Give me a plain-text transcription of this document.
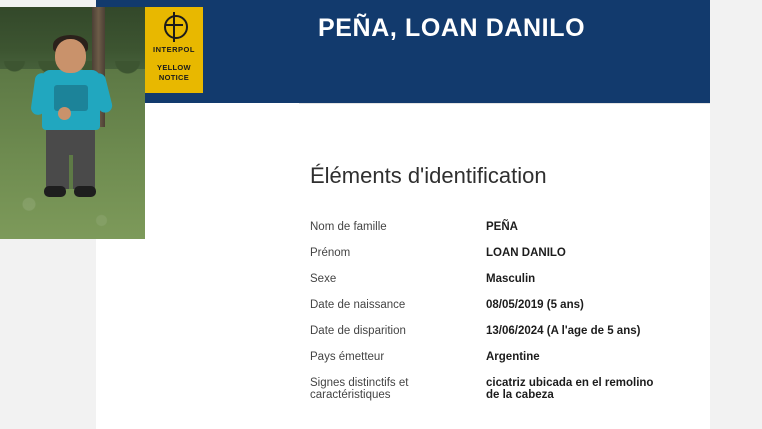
PEÑA, LOAN DANILO
Éléments d'identification
Nom de famille	PEÑA
Prénom	LOAN DANILO
Sexe	Masculin
Date de naissance	08/05/2019 (5 ans)
Date de disparition	13/06/2024 (A l'age de 5 ans)
Pays émetteur	Argentine
Signes distinctifs et caractéristiques	cicatriz ubicada en el remolino
de la cabeza
INTERPOL
YELLOW
NOTICE
